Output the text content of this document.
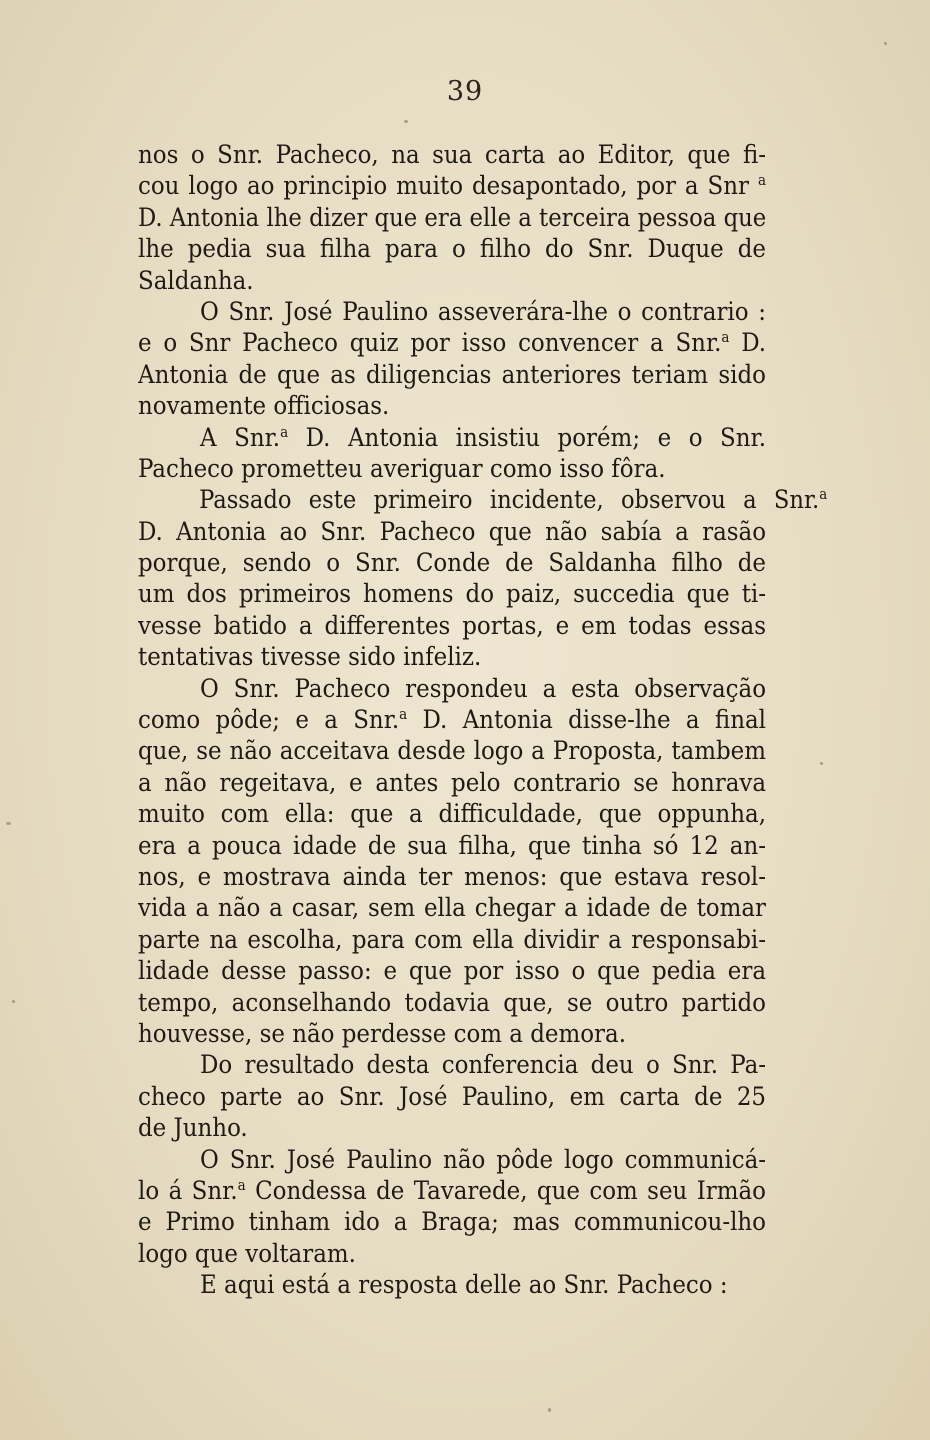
39
nos o Snr. Pacheco, na sua carta ao Editor, que fi-
cou logo ao principio muito desapontado, por a Snr $^a$
D. Antonia lhe dizer que era elle a terceira pessoa que
lhe pedia sua filha para o filho do Snr. Duque de
Saldanha.
O Snr. José Paulino asseverára-lhe o contrario :
e o Snr Pacheco quiz por isso convencer a Snr.$^a$ D.
Antonia de que as diligencias anteriores teriam sido
novamente officiosas.
A Snr.$^a$ D. Antonia insistiu porém; e o Snr.
Pacheco prometteu averiguar como isso fôra.
Passado este primeiro incidente, observou a Snr.$^a$
D. Antonia ao Snr. Pacheco que não sabía a rasão
porque, sendo o Snr. Conde de Saldanha filho de
um dos primeiros homens do paiz, succedia que ti-
vesse batido a differentes portas, e em todas essas
tentativas tivesse sido infeliz.
O Snr. Pacheco respondeu a esta observação
como pôde; e a Snr.$^a$ D. Antonia disse-lhe a final
que, se não acceitava desde logo a Proposta, tambem
a não regeitava, e antes pelo contrario se honrava
muito com ella: que a difficuldade, que oppunha,
era a pouca idade de sua filha, que tinha só 12 an-
nos, e mostrava ainda ter menos: que estava resol-
vida a não a casar, sem ella chegar a idade de tomar
parte na escolha, para com ella dividir a responsabi-
lidade desse passo: e que por isso o que pedia era
tempo, aconselhando todavia que, se outro partido
houvesse, se não perdesse com a demora.
Do resultado desta conferencia deu o Snr. Pa-
checo parte ao Snr. José Paulino, em carta de 25
de Junho.
O Snr. José Paulino não pôde logo communicá-
lo á Snr.$^a$ Condessa de Tavarede, que com seu Irmão
e Primo tinham ido a Braga; mas communicou-lho
logo que voltaram.
E aqui está a resposta delle ao Snr. Pacheco :
